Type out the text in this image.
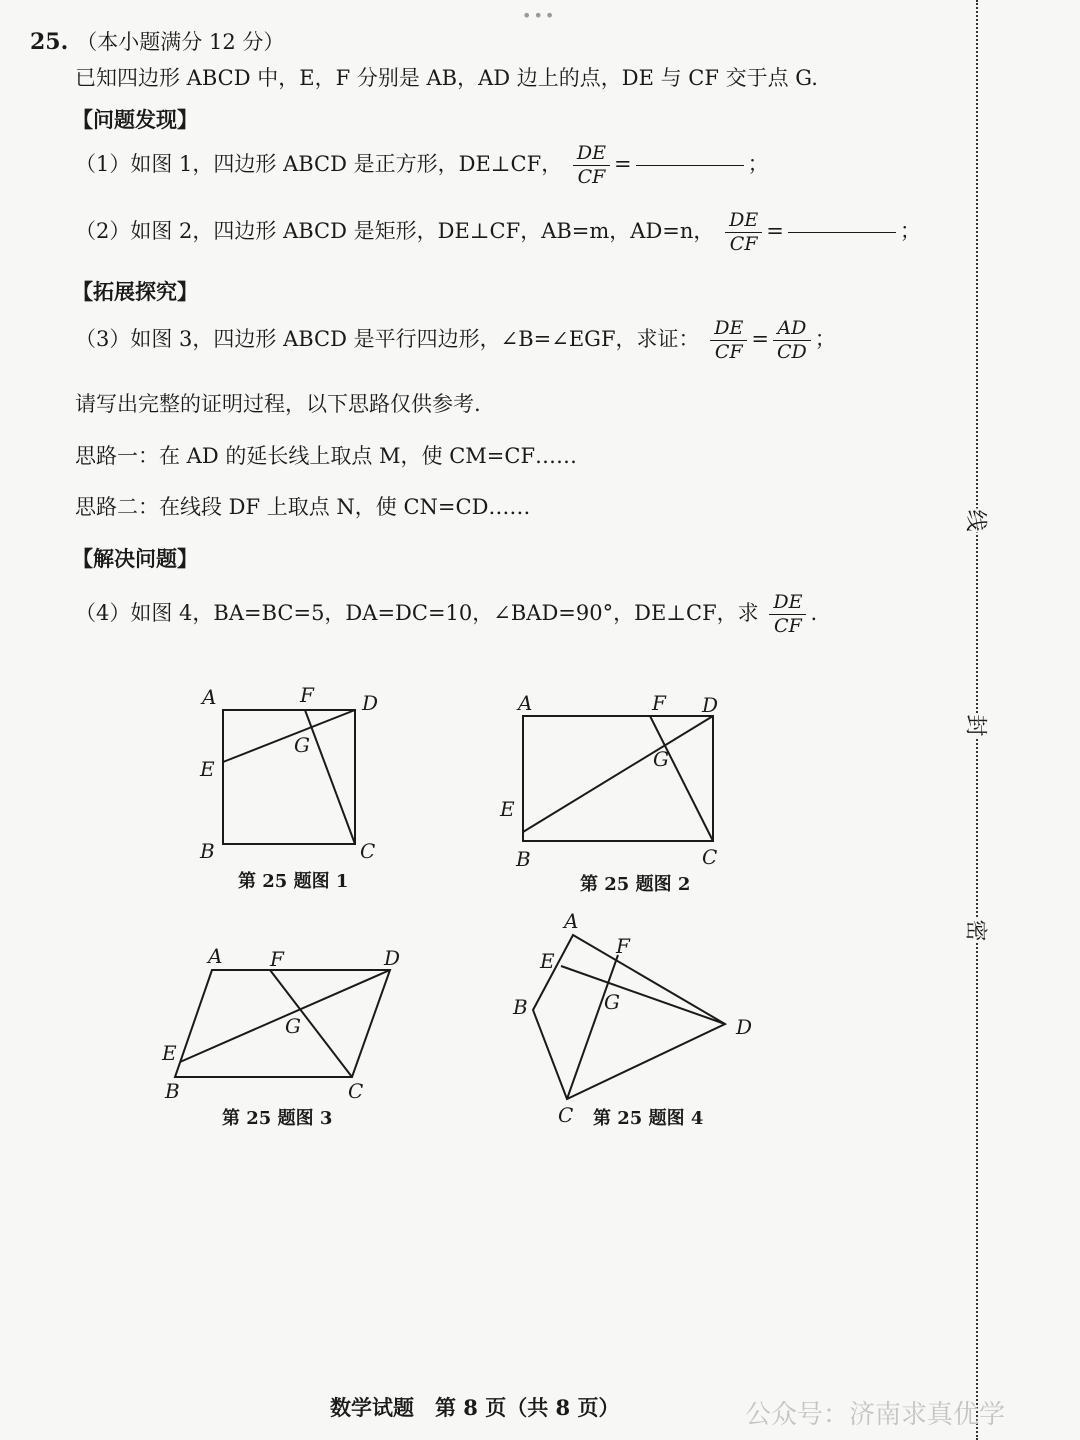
•••
25. （本小题满分 12 分）
已知四边形 ABCD 中，E，F 分别是 AB，AD 边上的点，DE 与 CF 交于点 G.
【问题发现】
（1）如图 1，四边形 ABCD 是正方形，DE⊥CF， $\frac{DE}{CF}$ =	；
（2）如图 2，四边形 ABCD 是矩形，DE⊥CF，AB=m，AD=n， $\frac{DE}{CF}$ =	；
【拓展探究】
（3）如图 3，四边形 ABCD 是平行四边形，∠B=∠EGF，求证： $\frac{DE}{CF} = \frac{AD}{CD}$ ；
请写出完整的证明过程，以下思路仅供参考.
思路一：在 AD 的延长线上取点 M，使 CM=CF……
思路二：在线段 DF 上取点 N，使 CN=CD……
【解决问题】
（4）如图 4，BA=BC=5，DA=DC=10，∠BAD=90°，DE⊥CF，求 $\frac{DE}{CF}$ .
A	F D
E
G
B	C
A	F D
E
G
B	C
A F	D
E
G
B	C
A
F
E
G
B
D
C
第 25 题图 1	第 25 题图 2
第 25 题图 3	第 25 题图 4
线
封
密
数学试题　第 8 页（共 8 页）	公众号：济南求真优学
